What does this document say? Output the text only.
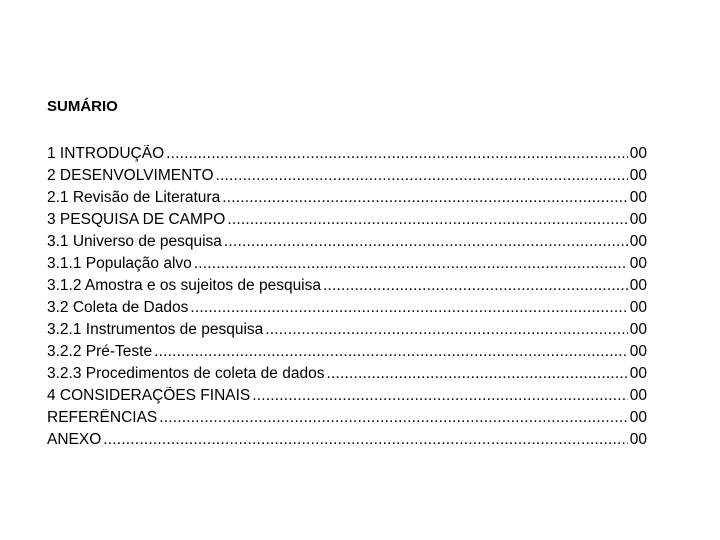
SUMÁRIO
1 INTRODUÇÃO .....	00
2 DESENVOLVIMENTO .....	00
2.1 Revisão de Literatura .....	00
3 PESQUISA DE CAMPO .....	00
3.1 Universo de pesquisa .....	00
3.1.1 População alvo .....	00
3.1.2 Amostra e os sujeitos de pesquisa .....	00
3.2 Coleta de Dados .....	00
3.2.1 Instrumentos de pesquisa .....	00
3.2.2 Pré-Teste .....	00
3.2.3 Procedimentos de coleta de dados .....	00
4 CONSIDERAÇÕES FINAIS .....	00
REFERÊNCIAS .....	00
ANEXO .....	00
